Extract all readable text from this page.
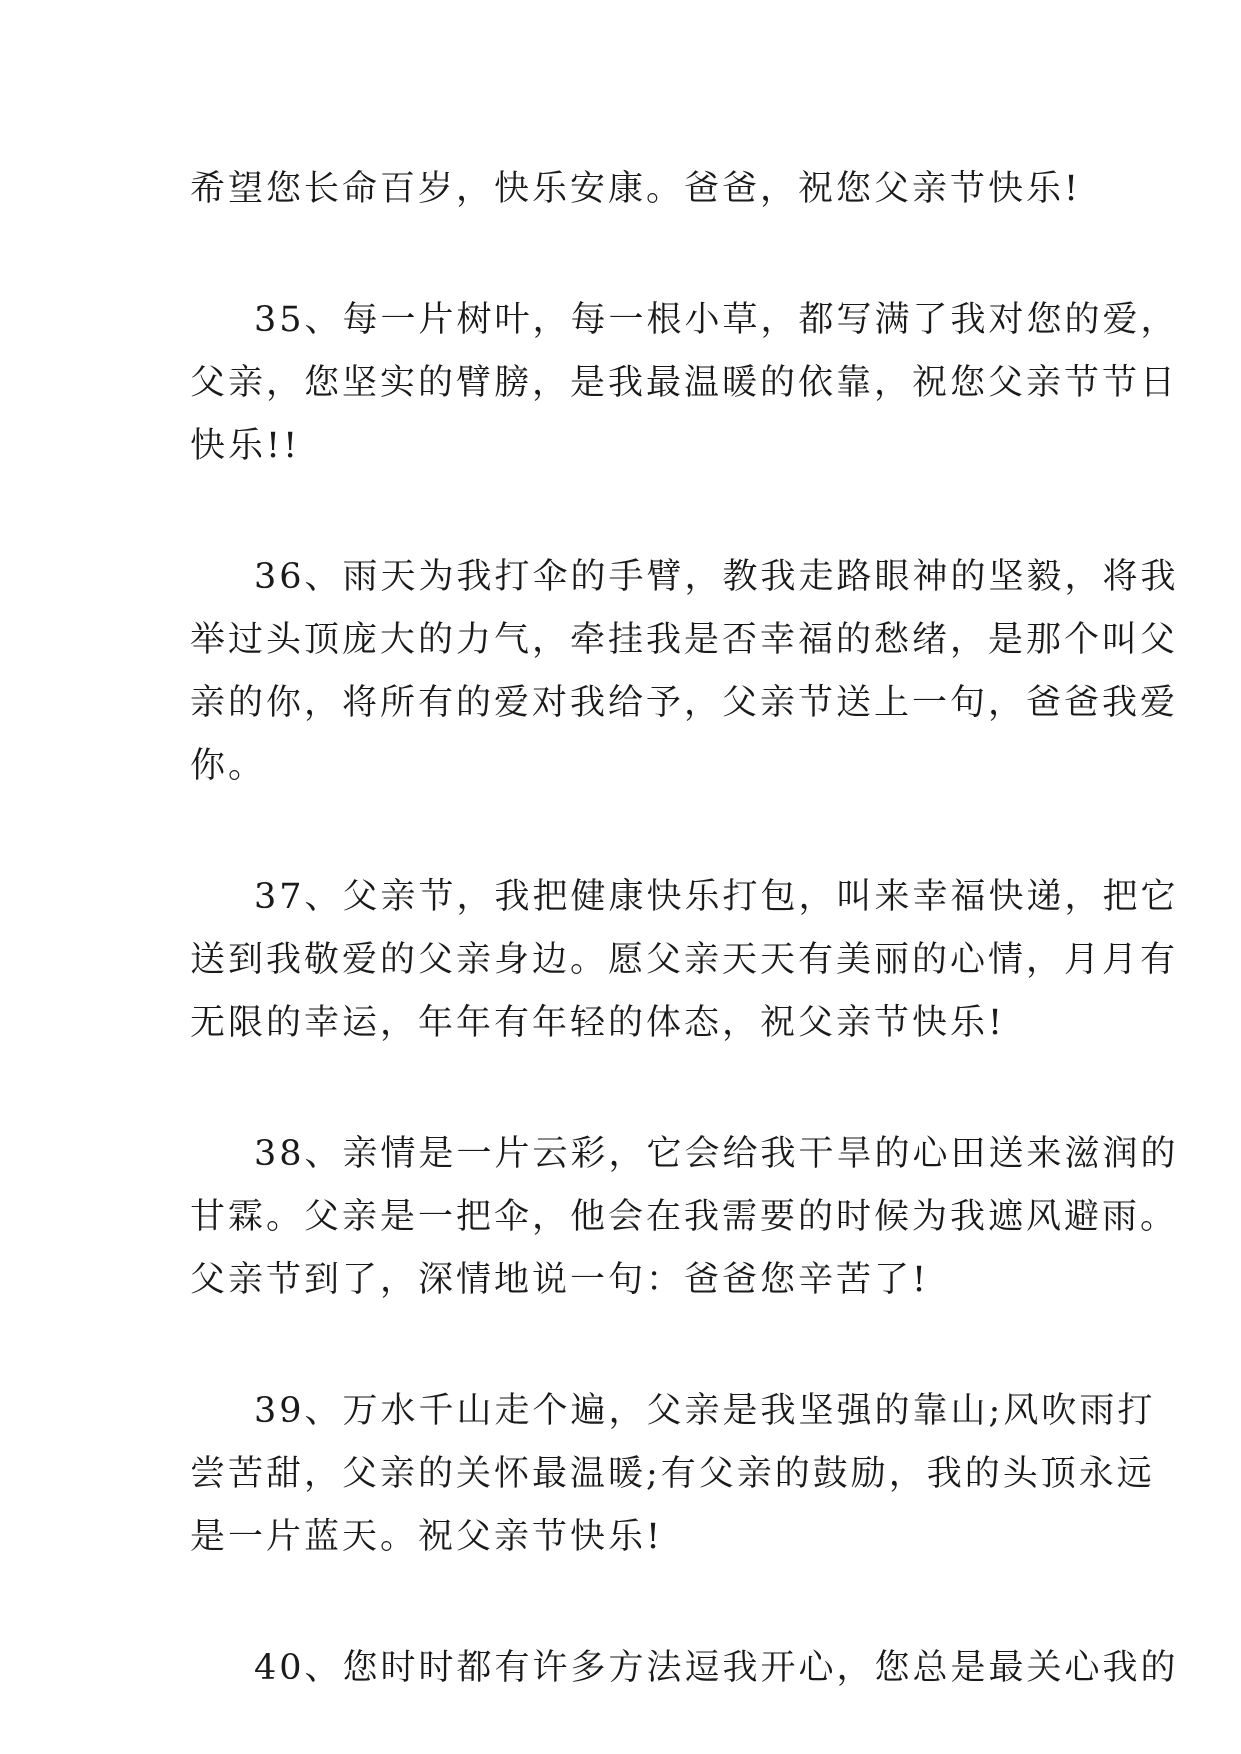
希望您长命百岁，快乐安康。爸爸，祝您父亲节快乐!
35、每一片树叶，每一根小草，都写满了我对您的爱，
父亲，您坚实的臂膀，是我最温暖的依靠，祝您父亲节节日
快乐!!
36、雨天为我打伞的手臂，教我走路眼神的坚毅，将我
举过头顶庞大的力气，牵挂我是否幸福的愁绪，是那个叫父
亲的你，将所有的爱对我给予，父亲节送上一句，爸爸我爱
你。
37、父亲节，我把健康快乐打包，叫来幸福快递，把它
送到我敬爱的父亲身边。愿父亲天天有美丽的心情，月月有
无限的幸运，年年有年轻的体态，祝父亲节快乐!
38、亲情是一片云彩，它会给我干旱的心田送来滋润的
甘霖。父亲是一把伞，他会在我需要的时候为我遮风避雨。
父亲节到了，深情地说一句：爸爸您辛苦了!
39、万水千山走个遍，父亲是我坚强的靠山;风吹雨打
尝苦甜，父亲的关怀最温暖;有父亲的鼓励，我的头顶永远
是一片蓝天。祝父亲节快乐!
40、您时时都有许多方法逗我开心，您总是最关心我的
